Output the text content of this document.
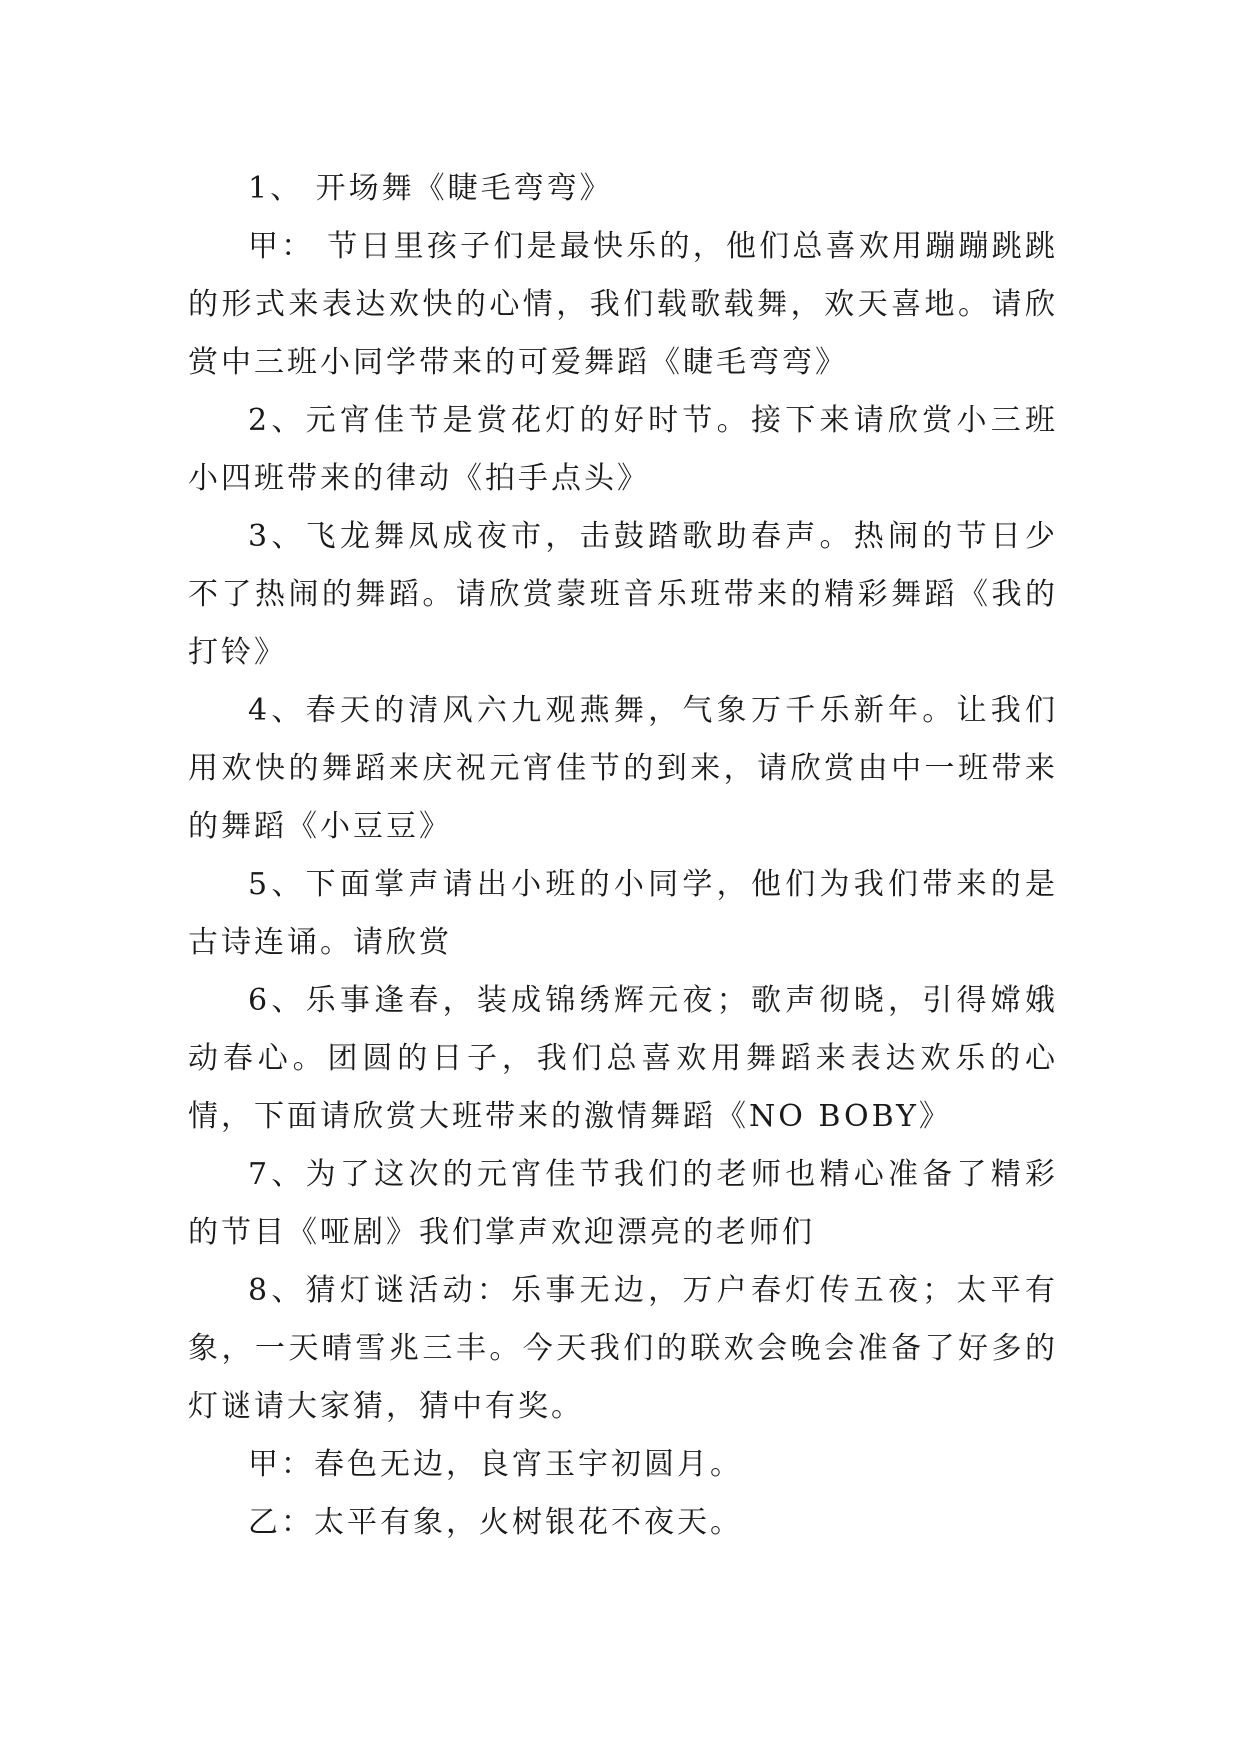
1、 开场舞《睫毛弯弯》

甲： 节日里孩子们是最快乐的，他们总喜欢用蹦蹦跳跳的形式来表达欢快的心情，我们载歌载舞，欢天喜地。请欣赏中三班小同学带来的可爱舞蹈《睫毛弯弯》

2、元宵佳节是赏花灯的好时节。接下来请欣赏小三班小四班带来的律动《拍手点头》

3、飞龙舞凤成夜市，击鼓踏歌助春声。热闹的节日少不了热闹的舞蹈。请欣赏蒙班音乐班带来的精彩舞蹈《我的打铃》

4、春天的清风六九观燕舞，气象万千乐新年。让我们用欢快的舞蹈来庆祝元宵佳节的到来，请欣赏由中一班带来的舞蹈《小豆豆》

5、下面掌声请出小班的小同学，他们为我们带来的是古诗连诵。请欣赏

6、乐事逢春，装成锦绣辉元夜；歌声彻晓，引得嫦娥动春心。团圆的日子，我们总喜欢用舞蹈来表达欢乐的心情，下面请欣赏大班带来的激情舞蹈《NO BOBY》

7、为了这次的元宵佳节我们的老师也精心准备了精彩的节目《哑剧》我们掌声欢迎漂亮的老师们

8、猜灯谜活动：乐事无边，万户春灯传五夜；太平有象，一天晴雪兆三丰。今天我们的联欢会晚会准备了好多的灯谜请大家猜，猜中有奖。

甲：春色无边，良宵玉宇初圆月。

乙：太平有象，火树银花不夜天。
